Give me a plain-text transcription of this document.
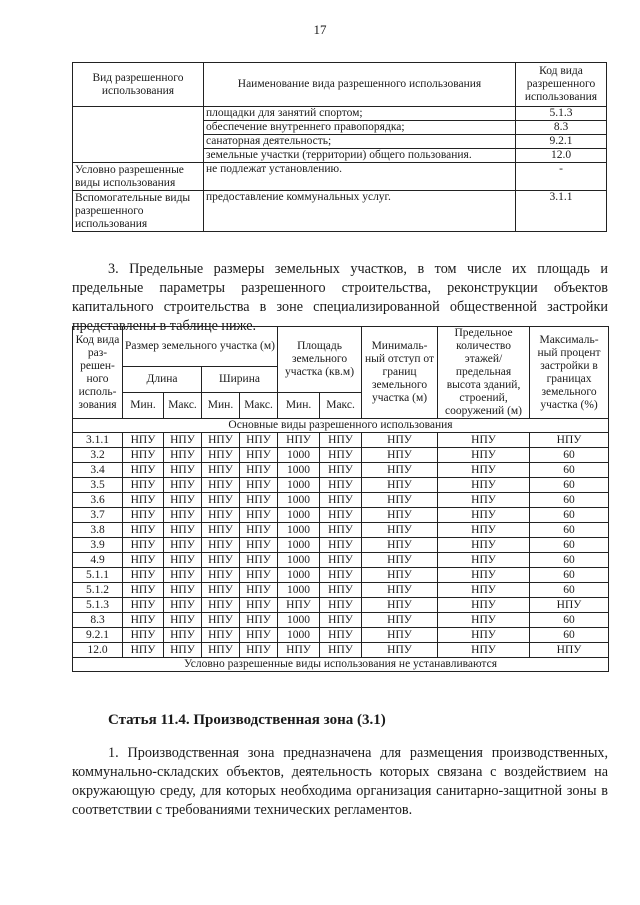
17
Вид разрешенного использования	Наименование вида разрешенного использования	Код вида разрешенного использования
	площадки для занятий спортом;	5.1.3
	обеспечение внутреннего правопорядка;	8.3
	санаторная деятельность;	9.2.1
	земельные участки (территории) общего пользования.	12.0
Условно разрешенные виды использования	не подлежат установлению.	-
Вспомогательные виды разрешенного использования	предоставление коммунальных услуг.	3.1.1

3. Предельные размеры земельных участков, в том числе их площадь и предельные параметры разрешенного строительства, реконструкции объектов капитального строительства в зоне специализированной общественной застройки представлены в таблице ниже.

Код вида раз-решен-ного исполь-зования	Размер земельного участка (м)				Площадь земельного участка (кв.м)		Минималь-ный отступ от границ земельного участка (м)	Предельное количество этажей/ предельная высота зданий, строений, сооружений (м)	Максималь-ный процент застройки в границах земельного участка (%)
	Длина		Ширина						
	Мин.	Макс.	Мин.	Макс.	Мин.	Макс.			
Основные виды разрешенного использования									
3.1.1	НПУ	НПУ	НПУ	НПУ	НПУ	НПУ	НПУ	НПУ	НПУ
3.2	НПУ	НПУ	НПУ	НПУ	1000	НПУ	НПУ	НПУ	60
3.4	НПУ	НПУ	НПУ	НПУ	1000	НПУ	НПУ	НПУ	60
3.5	НПУ	НПУ	НПУ	НПУ	1000	НПУ	НПУ	НПУ	60
3.6	НПУ	НПУ	НПУ	НПУ	1000	НПУ	НПУ	НПУ	60
3.7	НПУ	НПУ	НПУ	НПУ	1000	НПУ	НПУ	НПУ	60
3.8	НПУ	НПУ	НПУ	НПУ	1000	НПУ	НПУ	НПУ	60
3.9	НПУ	НПУ	НПУ	НПУ	1000	НПУ	НПУ	НПУ	60
4.9	НПУ	НПУ	НПУ	НПУ	1000	НПУ	НПУ	НПУ	60
5.1.1	НПУ	НПУ	НПУ	НПУ	1000	НПУ	НПУ	НПУ	60
5.1.2	НПУ	НПУ	НПУ	НПУ	1000	НПУ	НПУ	НПУ	60
5.1.3	НПУ	НПУ	НПУ	НПУ	НПУ	НПУ	НПУ	НПУ	НПУ
8.3	НПУ	НПУ	НПУ	НПУ	1000	НПУ	НПУ	НПУ	60
9.2.1	НПУ	НПУ	НПУ	НПУ	1000	НПУ	НПУ	НПУ	60
12.0	НПУ	НПУ	НПУ	НПУ	НПУ	НПУ	НПУ	НПУ	НПУ
Условно разрешенные виды использования не устанавливаются									
Статья 11.4. Производственная зона (3.1)

1. Производственная зона предназначена для размещения производственных, коммунально-складских объектов, деятельность которых связана с воздействием на окружающую среду, для которых необходима организация санитарно-защитной зоны в соответствии с требованиями технических регламентов.
